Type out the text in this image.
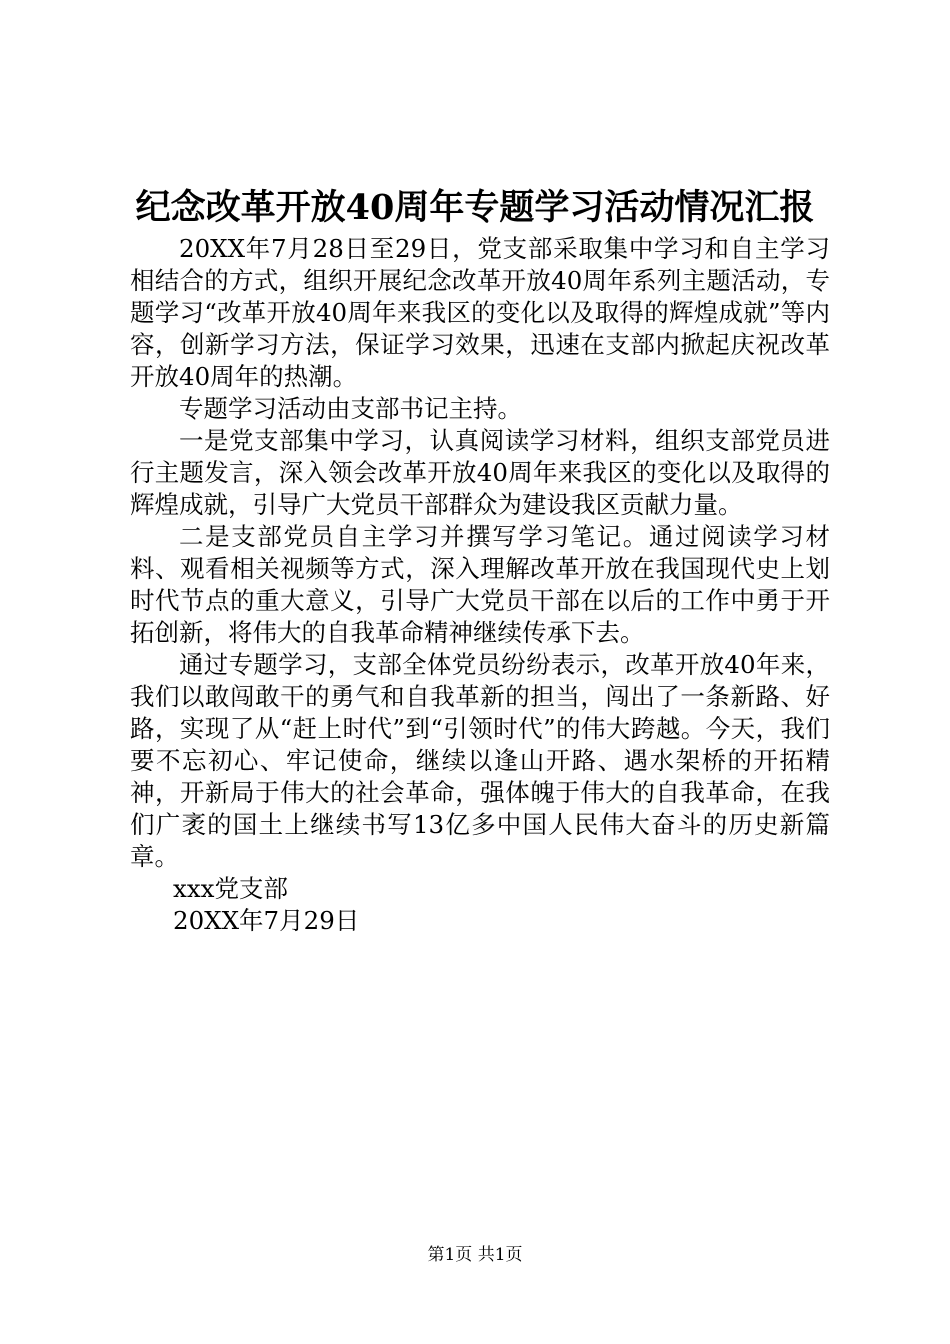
纪念改革开放40周年专题学习活动情况汇报

20XX年7月28日至29日，党支部采取集中学习和自主学习相结合的方式，组织开展纪念改革开放40周年系列主题活动，专题学习“改革开放40周年来我区的变化以及取得的辉煌成就”等内容，创新学习方法，保证学习效果，迅速在支部内掀起庆祝改革开放40周年的热潮。

专题学习活动由支部书记主持。

一是党支部集中学习，认真阅读学习材料，组织支部党员进行主题发言，深入领会改革开放40周年来我区的变化以及取得的辉煌成就，引导广大党员干部群众为建设我区贡献力量。

二是支部党员自主学习并撰写学习笔记。通过阅读学习材料、观看相关视频等方式，深入理解改革开放在我国现代史上划时代节点的重大意义，引导广大党员干部在以后的工作中勇于开拓创新，将伟大的自我革命精神继续传承下去。

通过专题学习，支部全体党员纷纷表示，改革开放40年来，我们以敢闯敢干的勇气和自我革新的担当，闯出了一条新路、好路，实现了从“赶上时代”到“引领时代”的伟大跨越。今天，我们要不忘初心、牢记使命，继续以逢山开路、遇水架桥的开拓精神，开新局于伟大的社会革命，强体魄于伟大的自我革命，在我们广袤的国土上继续书写13亿多中国人民伟大奋斗的历史新篇章。

xxx党支部

20XX年7月29日

第1页 共1页
